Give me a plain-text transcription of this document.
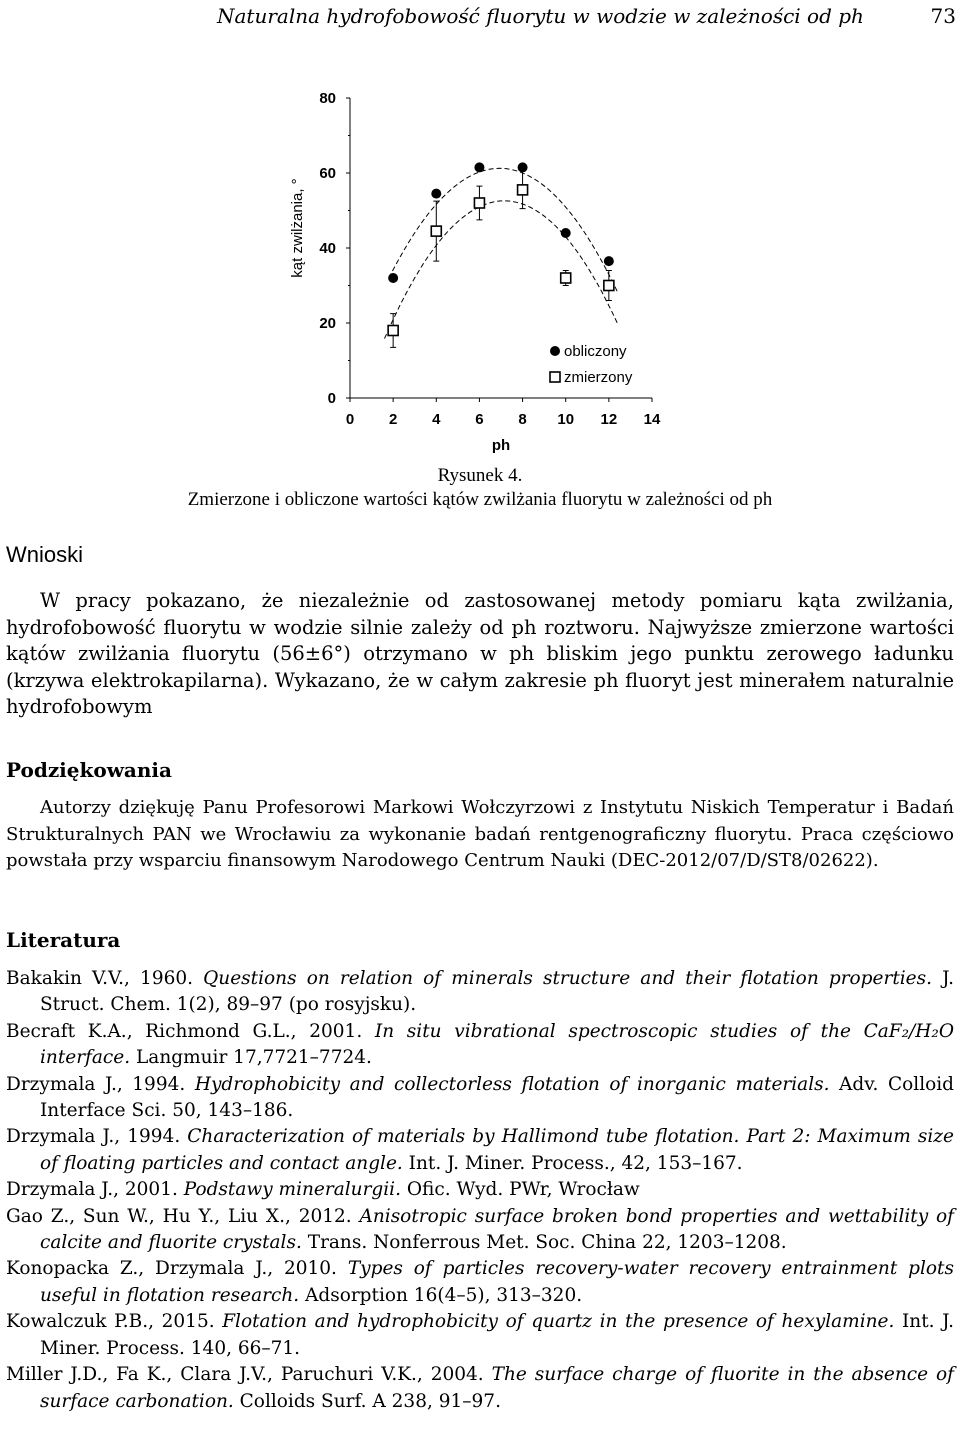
Naturalna hydrofobowość fluorytu w wodzie w zależności od ph	73
0
20
40
60
80
0 2 4 6 8 10 12 14
ph
kąt zwilżania, °
obliczony
zmierzony
Rysunek 4.
Zmierzone i obliczone wartości kątów zwilżania fluorytu w zależności od ph
Wnioski

W pracy pokazano, że niezależnie od zastosowanej metody pomiaru kąta zwilżania, hydrofobowość fluorytu w wodzie silnie zależy od ph roztworu. Najwyższe zmierzone wartości kątów zwilżania fluorytu (56±6°) otrzymano w ph bliskim jego punktu zerowego ładunku (krzywa elektrokapilarna). Wykazano, że w całym zakresie ph fluoryt jest minerałem naturalnie hydrofobowym

Podziękowania

Autorzy dziękuję Panu Profesorowi Markowi Wołczyrzowi z Instytutu Niskich Temperatur i Badań Strukturalnych PAN we Wrocławiu za wykonanie badań rentgenograficzny fluorytu. Praca częściowo powstała przy wsparciu finansowym Narodowego Centrum Nauki (DEC-2012/07/D/ST8/02622).

Literatura

Bakakin V.V., 1960. Questions on relation of minerals structure and their flotation properties. J. Struct. Chem. 1(2), 89–97 (po rosyjsku).

Becraft K.A., Richmond G.L., 2001. In situ vibrational spectroscopic studies of the CaF₂/H₂O interface. Langmuir 17,7721–7724.

Drzymala J., 1994. Hydrophobicity and collectorless flotation of inorganic materials. Adv. Colloid Interface Sci. 50, 143–186.

Drzymala J., 1994. Characterization of materials by Hallimond tube flotation. Part 2: Maximum size of floating particles and contact angle. Int. J. Miner. Process., 42, 153–167.

Drzymala J., 2001. Podstawy mineralurgii. Ofic. Wyd. PWr, Wrocław

Gao Z., Sun W., Hu Y., Liu X., 2012. Anisotropic surface broken bond properties and wettability of calcite and fluorite crystals. Trans. Nonferrous Met. Soc. China 22, 1203–1208.

Konopacka Z., Drzymala J., 2010. Types of particles recovery-water recovery entrainment plots useful in flotation research. Adsorption 16(4–5), 313–320.

Kowalczuk P.B., 2015. Flotation and hydrophobicity of quartz in the presence of hexylamine. Int. J. Miner. Process. 140, 66–71.

Miller J.D., Fa K., Clara J.V., Paruchuri V.K., 2004. The surface charge of fluorite in the absence of surface carbonation. Colloids Surf. A 238, 91–97.
